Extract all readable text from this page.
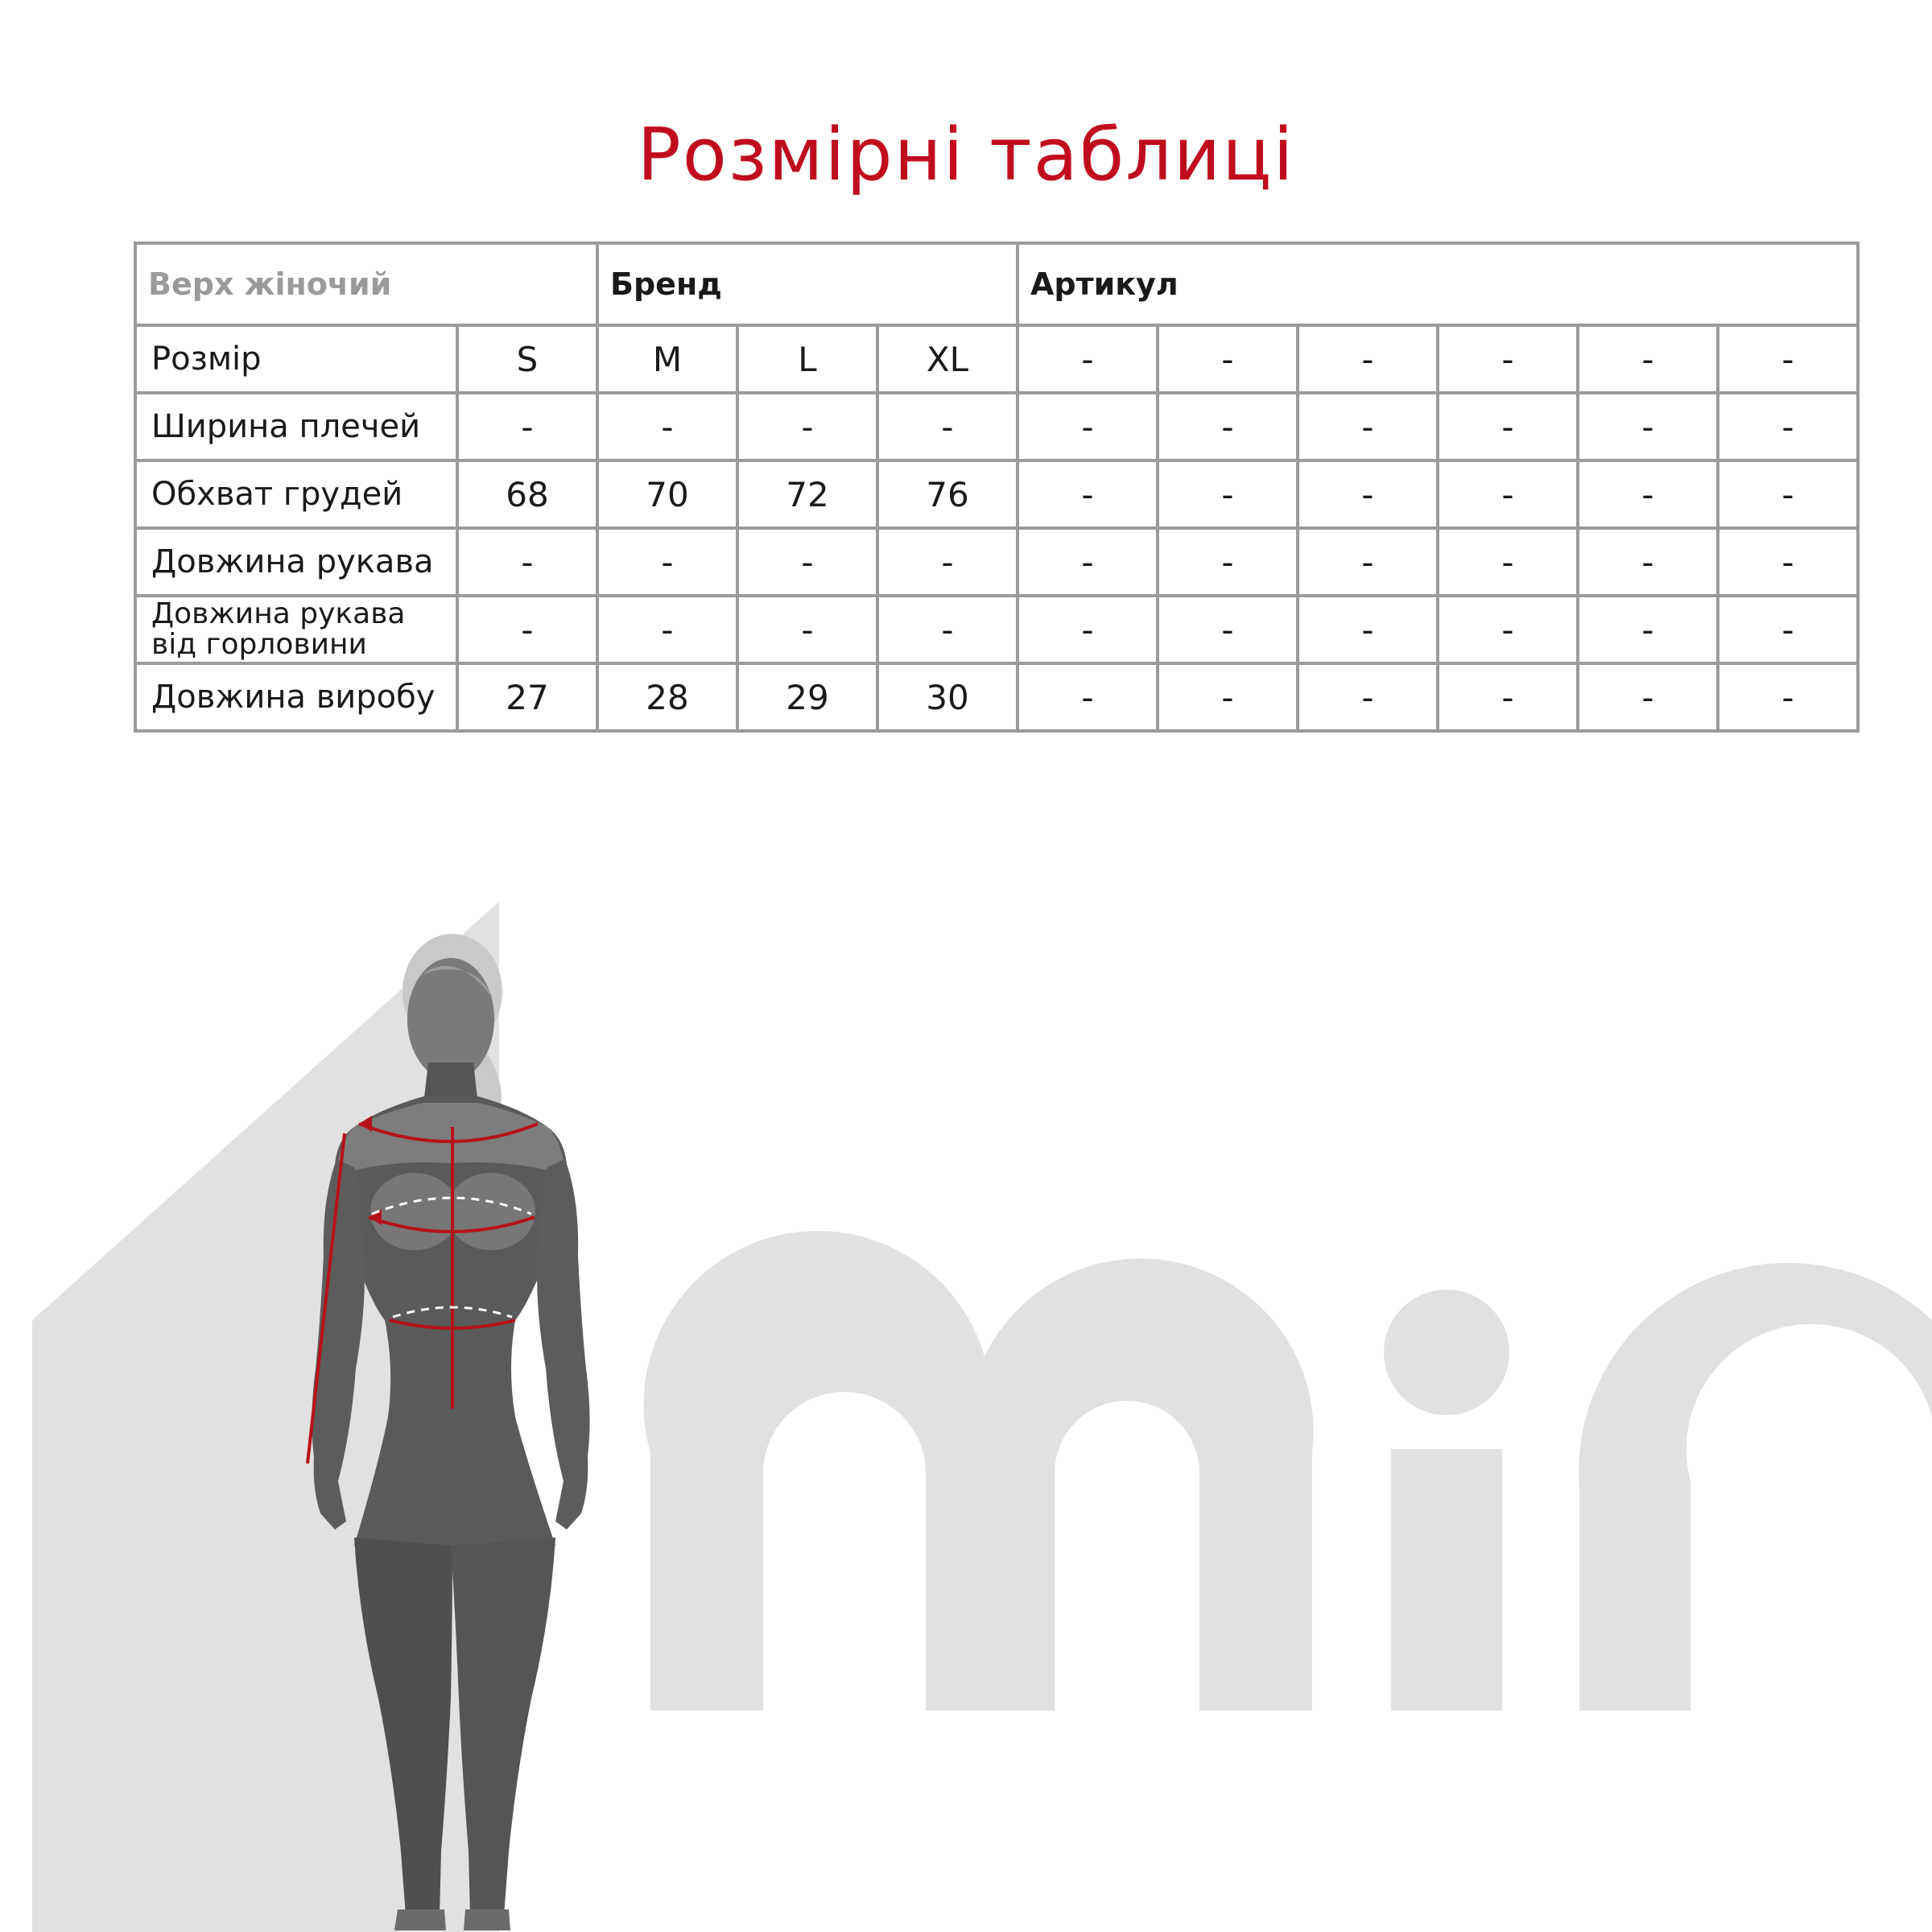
Розмірні таблиці
Верх жіночий		Бренд			Артикул					
Розмір	S	M	L	XL	-	-	-	-	-	-
Ширина плечей	-	-	-	-	-	-	-	-	-	-
Обхват грудей	68	70	72	76	-	-	-	-	-	-
Довжина рукава	-	-	-	-	-	-	-	-	-	-
Довжина рукава
від горловини	-	-	-	-	-	-	-	-	-	-
Довжина виробу	27	28	29	30	-	-	-	-	-	-
